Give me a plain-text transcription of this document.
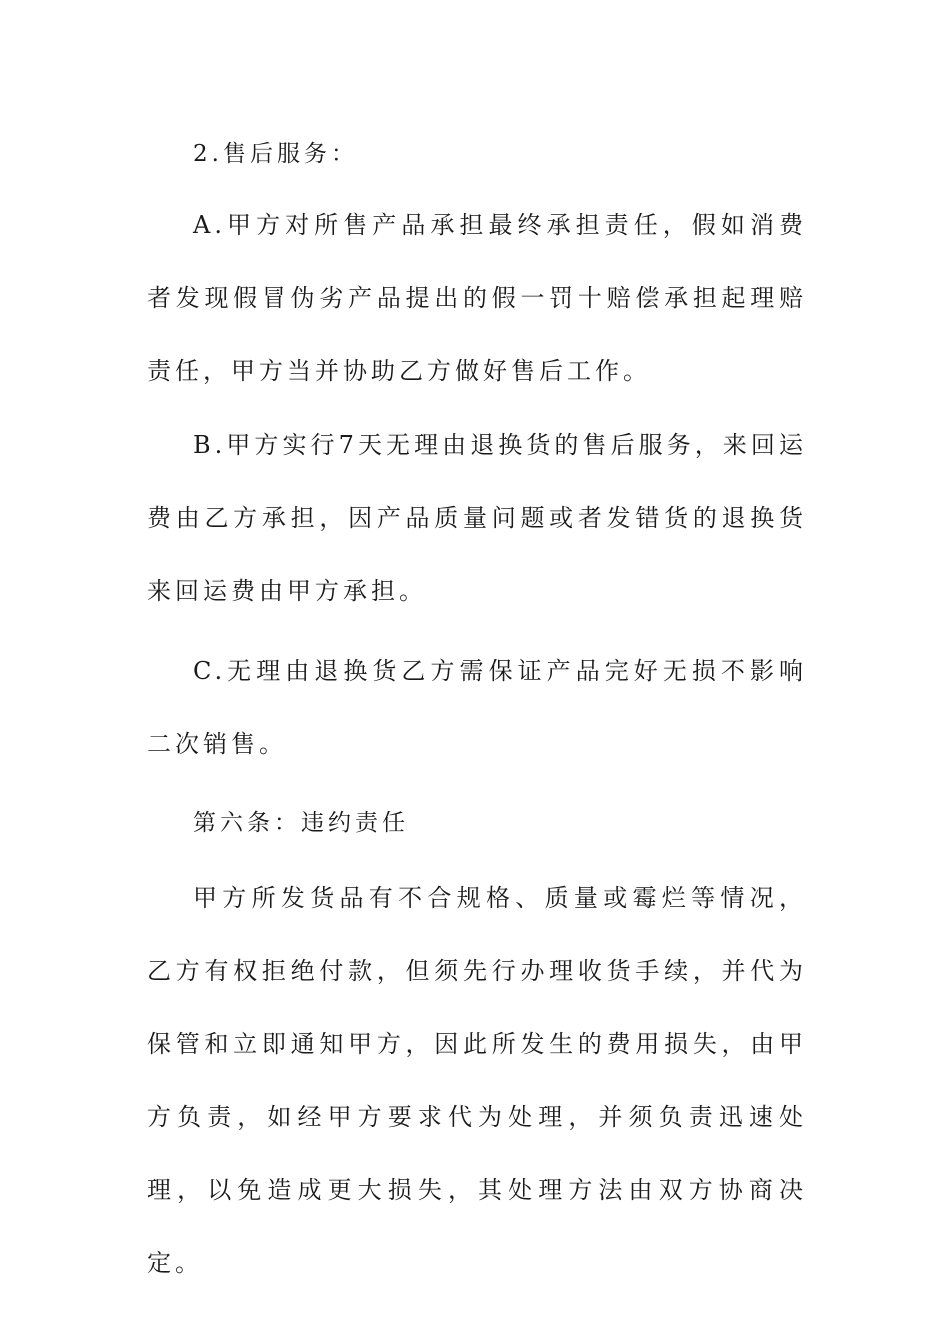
2.售后服务：

A.甲方对所售产品承担最终承担责任，假如消费者发现假冒伪劣产品提出的假一罚十赔偿承担起理赔责任，甲方当并协助乙方做好售后工作。

B.甲方实行7天无理由退换货的售后服务，来回运费由乙方承担，因产品质量问题或者发错货的退换货来回运费由甲方承担。

C.无理由退换货乙方需保证产品完好无损不影响二次销售。

第六条：违约责任

甲方所发货品有不合规格、质量或霉烂等情况，乙方有权拒绝付款，但须先行办理收货手续，并代为保管和立即通知甲方，因此所发生的费用损失，由甲方负责，如经甲方要求代为处理，并须负责迅速处理，以免造成更大损失，其处理方法由双方协商决定。
